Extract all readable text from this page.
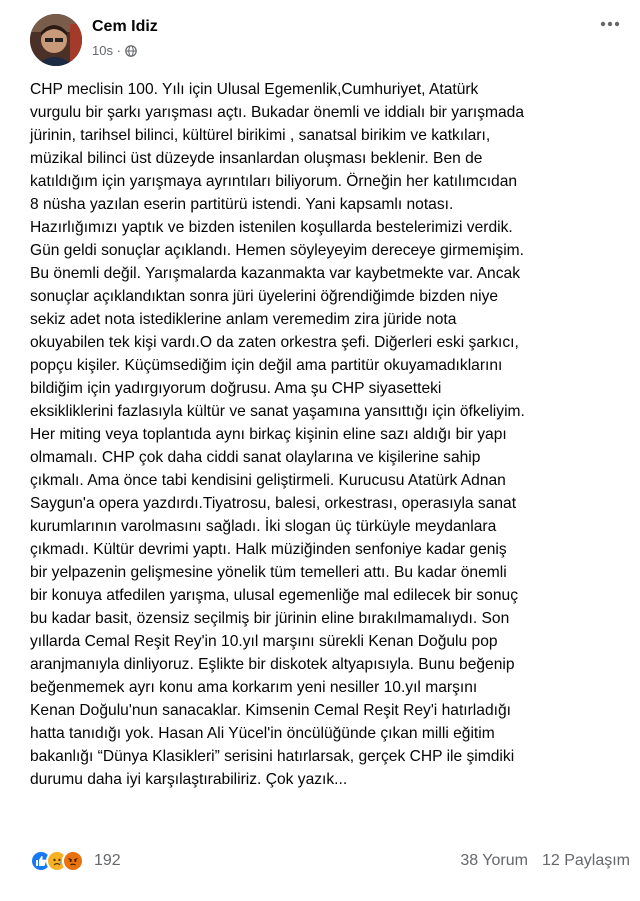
Cem Idiz
10s ·
CHP meclisin 100. Yılı için Ulusal Egemenlik,Cumhuriyet, Atatürk
vurgulu bir şarkı yarışması açtı. Bukadar önemli ve iddialı bir yarışmada
jürinin, tarihsel bilinci, kültürel birikimi , sanatsal birikim ve katkıları,
müzikal bilinci üst düzeyde insanlardan oluşması beklenir. Ben de
katıldığım için yarışmaya ayrıntıları biliyorum. Örneğin her katılımcıdan
8 nüsha yazılan eserin partitürü istendi. Yani kapsamlı notası.
Hazırlığımızı yaptık ve bizden istenilen koşullarda bestelerimizi verdik.
Gün geldi sonuçlar açıklandı. Hemen söyleyeyim dereceye girmemişim.
Bu önemli değil. Yarışmalarda kazanmakta var kaybetmekte var. Ancak
sonuçlar açıklandıktan sonra jüri üyelerini öğrendiğimde bizden niye
sekiz adet nota istediklerine anlam veremedim zira jüride nota
okuyabilen tek kişi vardı.O da zaten orkestra şefi. Diğerleri eski şarkıcı,
popçu kişiler. Küçümsediğim için değil ama partitür okuyamadıklarını
bildiğim için yadırgıyorum doğrusu. Ama şu CHP siyasetteki
eksikliklerini fazlasıyla kültür ve sanat yaşamına yansıttığı için öfkeliyim.
Her miting veya toplantıda aynı birkaç kişinin eline sazı aldığı bir yapı
olmamalı. CHP çok daha ciddi sanat olaylarına ve kişilerine sahip
çıkmalı. Ama önce tabi kendisini geliştirmeli. Kurucusu Atatürk Adnan
Saygun'a opera yazdırdı.Tiyatrosu, balesi, orkestrası, operasıyla sanat
kurumlarının varolmasını sağladı. İki slogan üç türküyle meydanlara
çıkmadı. Kültür devrimi yaptı. Halk müziğinden senfoniye kadar geniş
bir yelpazenin gelişmesine yönelik tüm temelleri attı. Bu kadar önemli
bir konuya atfedilen yarışma, ulusal egemenliğe mal edilecek bir sonuç
bu kadar basit, özensiz seçilmiş bir jürinin eline bırakılmamalıydı. Son
yıllarda Cemal Reşit Rey'in 10.yıl marşını sürekli Kenan Doğulu pop
aranjmanıyla dinliyoruz. Eşlikte bir diskotek altyapısıyla. Bunu beğenip
beğenmemek ayrı konu ama korkarım yeni nesiller 10.yıl marşını
Kenan Doğulu'nun sanacaklar. Kimsenin Cemal Reşit Rey'i hatırladığı
hatta tanıdığı yok. Hasan Ali Yücel'in öncülüğünde çıkan milli eğitim
bakanlığı “Dünya Klasikleri” serisini hatırlarsak, gerçek CHP ile şimdiki
durumu daha iyi karşılaştırabiliriz. Çok yazık...
192	38 Yorum 12 Paylaşım
